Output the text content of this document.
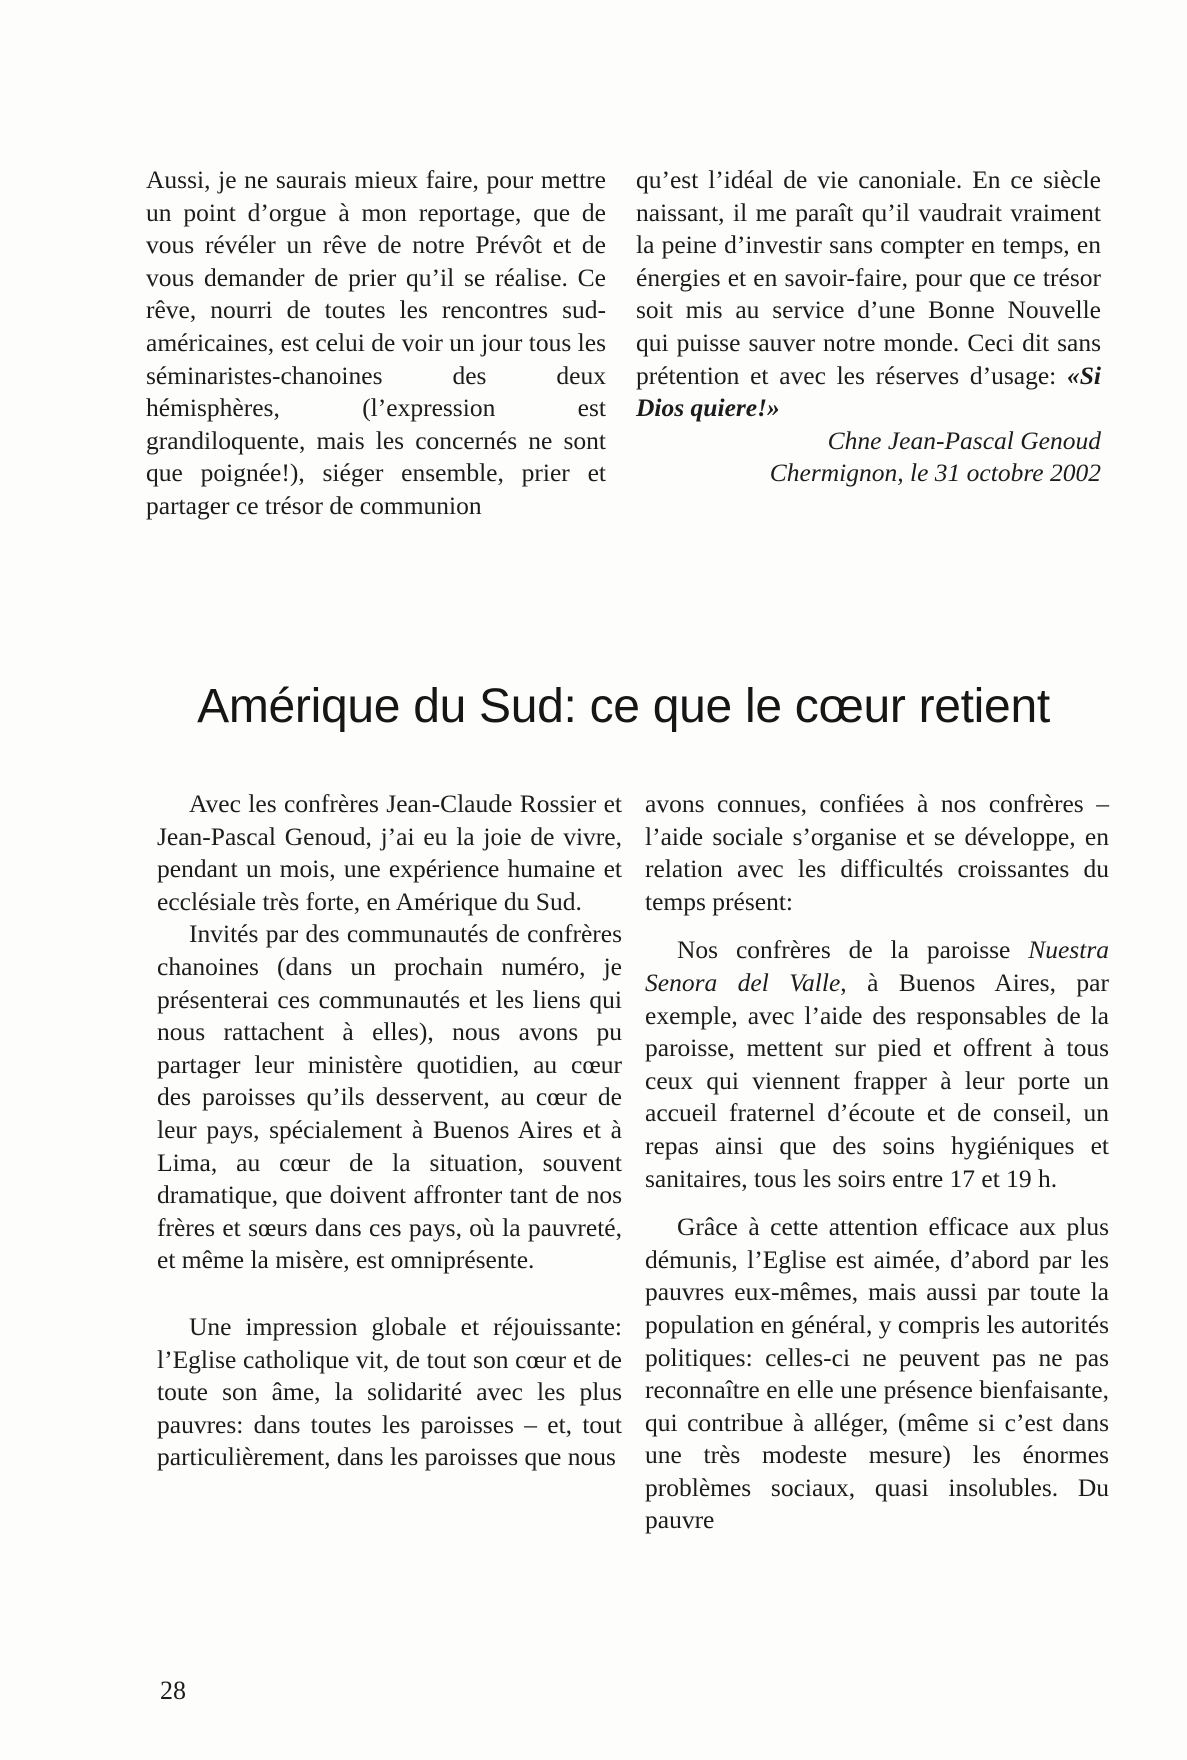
Aussi, je ne saurais mieux faire, pour mettre un point d’orgue à mon reportage, que de vous révéler un rêve de notre Prévôt et de vous demander de prier qu’il se réalise. Ce rêve, nourri de toutes les rencontres sud-américaines, est celui de voir un jour tous les séminaristes-chanoines des deux hémisphères, (l’expression est grandiloquente, mais les concernés ne sont que poignée!), siéger ensemble, prier et partager ce trésor de communion

qu’est l’idéal de vie canoniale. En ce siècle naissant, il me paraît qu’il vaudrait vraiment la peine d’investir sans compter en temps, en énergies et en savoir-faire, pour que ce trésor soit mis au service d’une Bonne Nouvelle qui puisse sauver notre monde. Ceci dit sans prétention et avec les réserves d’usage: «Si Dios quiere!»

Chne Jean-Pascal Genoud

Chermignon, le 31 octobre 2002

Amérique du Sud: ce que le cœur retient

Avec les confrères Jean-Claude Rossier et Jean-Pascal Genoud, j’ai eu la joie de vivre, pendant un mois, une expérience humaine et ecclésiale très forte, en Amérique du Sud.

Invités par des communautés de confrères chanoines (dans un prochain numéro, je présenterai ces communautés et les liens qui nous rattachent à elles), nous avons pu partager leur ministère quotidien, au cœur des paroisses qu’ils desservent, au cœur de leur pays, spécialement à Buenos Aires et à Lima, au cœur de la situation, souvent dramatique, que doivent affronter tant de nos frères et sœurs dans ces pays, où la pauvreté, et même la misère, est omniprésente.

Une impression globale et réjouissante: l’Eglise catholique vit, de tout son cœur et de toute son âme, la solidarité avec les plus pauvres: dans toutes les paroisses – et, tout particulièrement, dans les paroisses que nous

avons connues, confiées à nos confrères – l’aide sociale s’organise et se développe, en relation avec les difficultés croissantes du temps présent:

Nos confrères de la paroisse Nuestra Senora del Valle, à Buenos Aires, par exemple, avec l’aide des responsables de la paroisse, mettent sur pied et offrent à tous ceux qui viennent frapper à leur porte un accueil fraternel d’écoute et de conseil, un repas ainsi que des soins hygiéniques et sanitaires, tous les soirs entre 17 et 19 h.

Grâce à cette attention efficace aux plus démunis, l’Eglise est aimée, d’abord par les pauvres eux-mêmes, mais aussi par toute la population en général, y compris les autorités politiques: celles-ci ne peuvent pas ne pas reconnaître en elle une présence bienfaisante, qui contribue à alléger, (même si c’est dans une très modeste mesure) les énormes problèmes sociaux, quasi insolubles. Du pauvre

28
